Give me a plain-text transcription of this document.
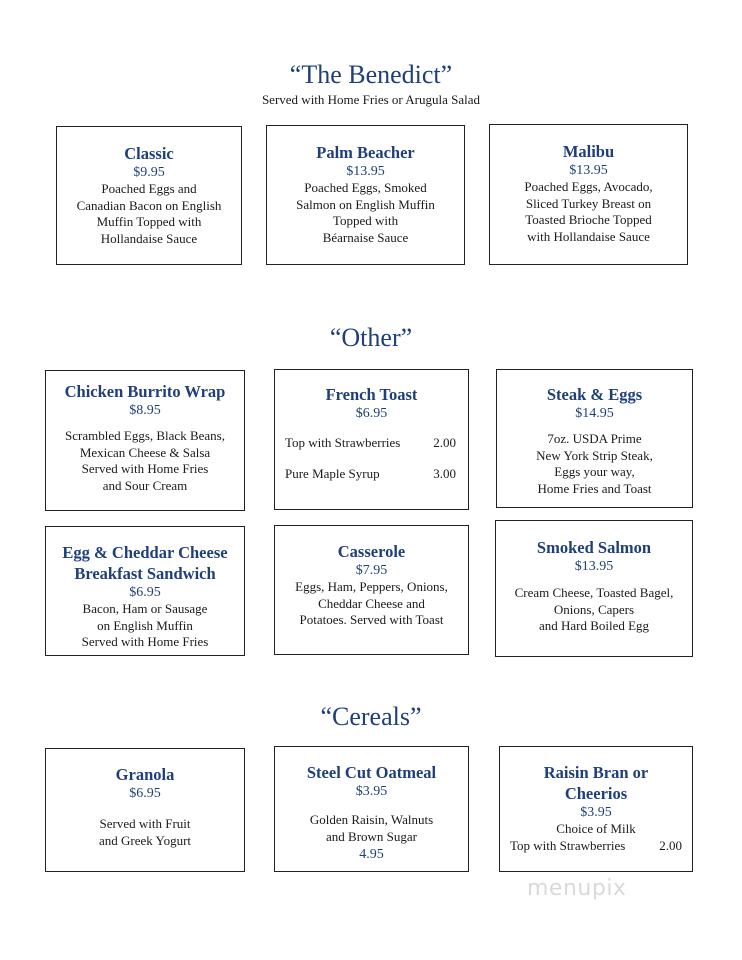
“The Benedict”
Served with Home Fries or Arugula Salad
Classic
$9.95
Poached Eggs and
Canadian Bacon on English
Muffin Topped with
Hollandaise Sauce
Palm Beacher
$13.95
Poached Eggs, Smoked
Salmon on English Muffin
Topped with
Béarnaise Sauce
Malibu
$13.95
Poached Eggs, Avocado,
Sliced Turkey Breast on
Toasted Brioche Topped
with Hollandaise Sauce
“Other”
Chicken Burrito Wrap
$8.95
Scrambled Eggs, Black Beans,
Mexican Cheese & Salsa
Served with Home Fries
and Sour Cream
French Toast
$6.95
Top with Strawberries	2.00
Pure Maple Syrup	3.00
Steak & Eggs
$14.95
7oz. USDA Prime
New York Strip Steak,
Eggs your way,
Home Fries and Toast
Egg & Cheddar Cheese
Breakfast Sandwich
$6.95
Bacon, Ham or Sausage
on English Muffin
Served with Home Fries
Casserole
$7.95
Eggs, Ham, Peppers, Onions,
Cheddar Cheese and
Potatoes. Served with Toast
Smoked Salmon
$13.95
Cream Cheese, Toasted Bagel,
Onions, Capers
and Hard Boiled Egg
“Cereals”
Granola
$6.95
Served with Fruit
and Greek Yogurt
Steel Cut Oatmeal
$3.95
Golden Raisin, Walnuts
and Brown Sugar
4.95
Raisin Bran or
Cheerios
$3.95
Choice of Milk
Top with Strawberries	2.00
menupix
